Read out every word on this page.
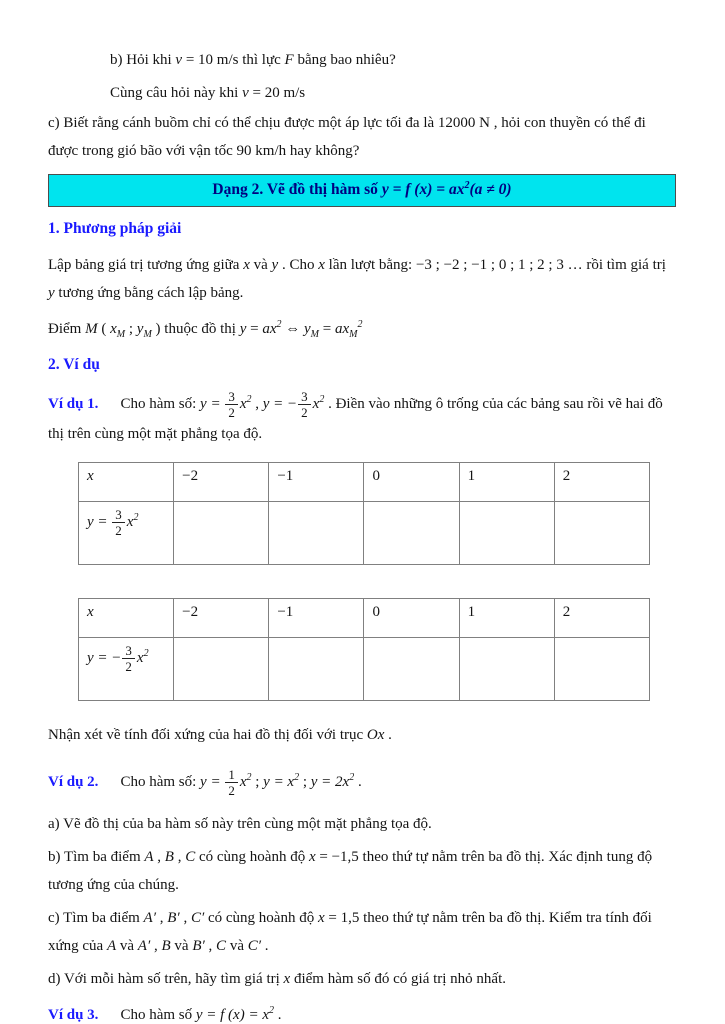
b) Hỏi khi v = 10 m/s thì lực F bằng bao nhiêu?

Cùng câu hỏi này khi v = 20 m/s

c) Biết rằng cánh buồm chỉ có thể chịu được một áp lực tối đa là 12000 N , hỏi con thuyền có thể đi được trong gió bão với vận tốc 90 km/h hay không?

Dạng 2. Vẽ đồ thị hàm số y = f $(x) = ax^2(a \ne 0)$
1. Phương pháp giải

Lập bảng giá trị tương ứng giữa x và y . Cho x lần lượt bằng: −3 ; −2 ; −1 ; 0 ; 1 ; 2 ; 3 … rồi tìm giá trị y tương ứng bằng cách lập bảng.

Điểm M ( $x_M$ ; $y_M$ ) thuộc đồ thị $y = ax^2$ ⇔ $y_M = ax_M^2$

2. Ví dụ

Ví dụ 1. Cho hàm số: $y = \frac{3}{2} x^2$ , y = − $\frac{3}{2} x^2$ . Điền vào những ô trống của các bảng sau rồi vẽ hai đồ thị trên cùng một mặt phẳng tọa độ.

x	−2	−1	0	1	2
$y = \frac{3}{2} x^2$					
x	−2	−1	0	1	2
y = − $\frac{3}{2} x^2$					

Nhận xét về tính đối xứng của hai đồ thị đối với trục Ox .

Ví dụ 2. Cho hàm số: $y = \frac{1}{2} x^2$ ; $y = x^2$ ; $y = 2x^2$ .

a) Vẽ đồ thị của ba hàm số này trên cùng một mặt phẳng tọa độ.

b) Tìm ba điểm A , B , C có cùng hoành độ x = −1,5 theo thứ tự nằm trên ba đồ thị. Xác định tung độ tương ứng của chúng.

c) Tìm ba điểm A′ , B′ , C′ có cùng hoành độ x = 1,5 theo thứ tự nằm trên ba đồ thị. Kiểm tra tính đối xứng của A và A′ , B và B′ , C và C′ .

d) Với mỗi hàm số trên, hãy tìm giá trị x điểm hàm số đó có giá trị nhỏ nhất.

Ví dụ 3. Cho hàm số y = f $(x) = x^2$ .
